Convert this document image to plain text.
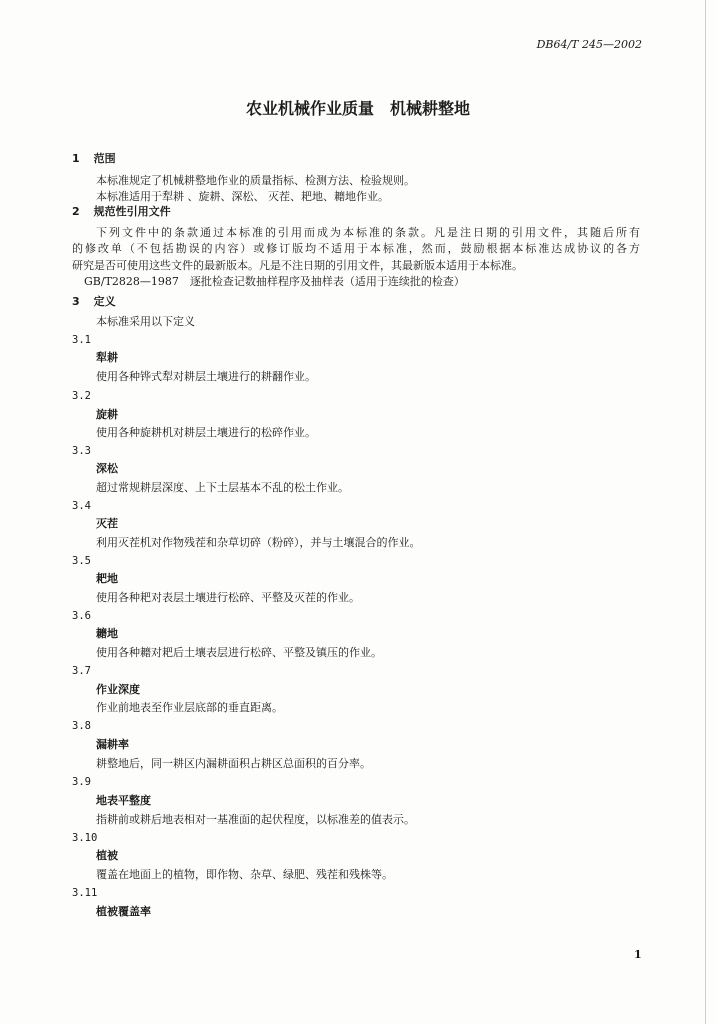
DB64/T 245—2002
农业机械作业质量　机械耕整地
1 范围
本标准规定了机械耕整地作业的质量指标、检测方法、检验规则。
本标准适用于犁耕 、旋耕、深松、 灭茬、耙地、耱地作业。
2 规范性引用文件
下列文件中的条款通过本标准的引用而成为本标准的条款。凡是注日期的引用文件，其随后所有
的修改单（不包括勘误的内容）或修订版均不适用于本标准，然而，鼓励根据本标准达成协议的各方
研究是否可使用这些文件的最新版本。凡是不注日期的引用文件，其最新版本适用于本标准。
GB/T2828—1987　逐批检查记数抽样程序及抽样表（适用于连续批的检查）
3 定义
本标准采用以下定义
3.1
犁耕
使用各种铧式犁对耕层土壤进行的耕翻作业。
3.2
旋耕
使用各种旋耕机对耕层土壤进行的松碎作业。
3.3
深松
超过常规耕层深度、上下土层基本不乱的松土作业。
3.4
灭茬
利用灭茬机对作物残茬和杂草切碎（粉碎），并与土壤混合的作业。
3.5
耙地
使用各种耙对表层土壤进行松碎、平整及灭茬的作业。
3.6
耱地
使用各种耱对耙后土壤表层进行松碎、平整及镇压的作业。
3.7
作业深度
作业前地表至作业层底部的垂直距离。
3.8
漏耕率
耕整地后，同一耕区内漏耕面积占耕区总面积的百分率。
3.9
地表平整度
指耕前或耕后地表相对一基准面的起伏程度，以标准差的值表示。
3.10
植被
覆盖在地面上的植物，即作物、杂草、绿肥、残茬和残株等。
3.11
植被覆盖率
1
